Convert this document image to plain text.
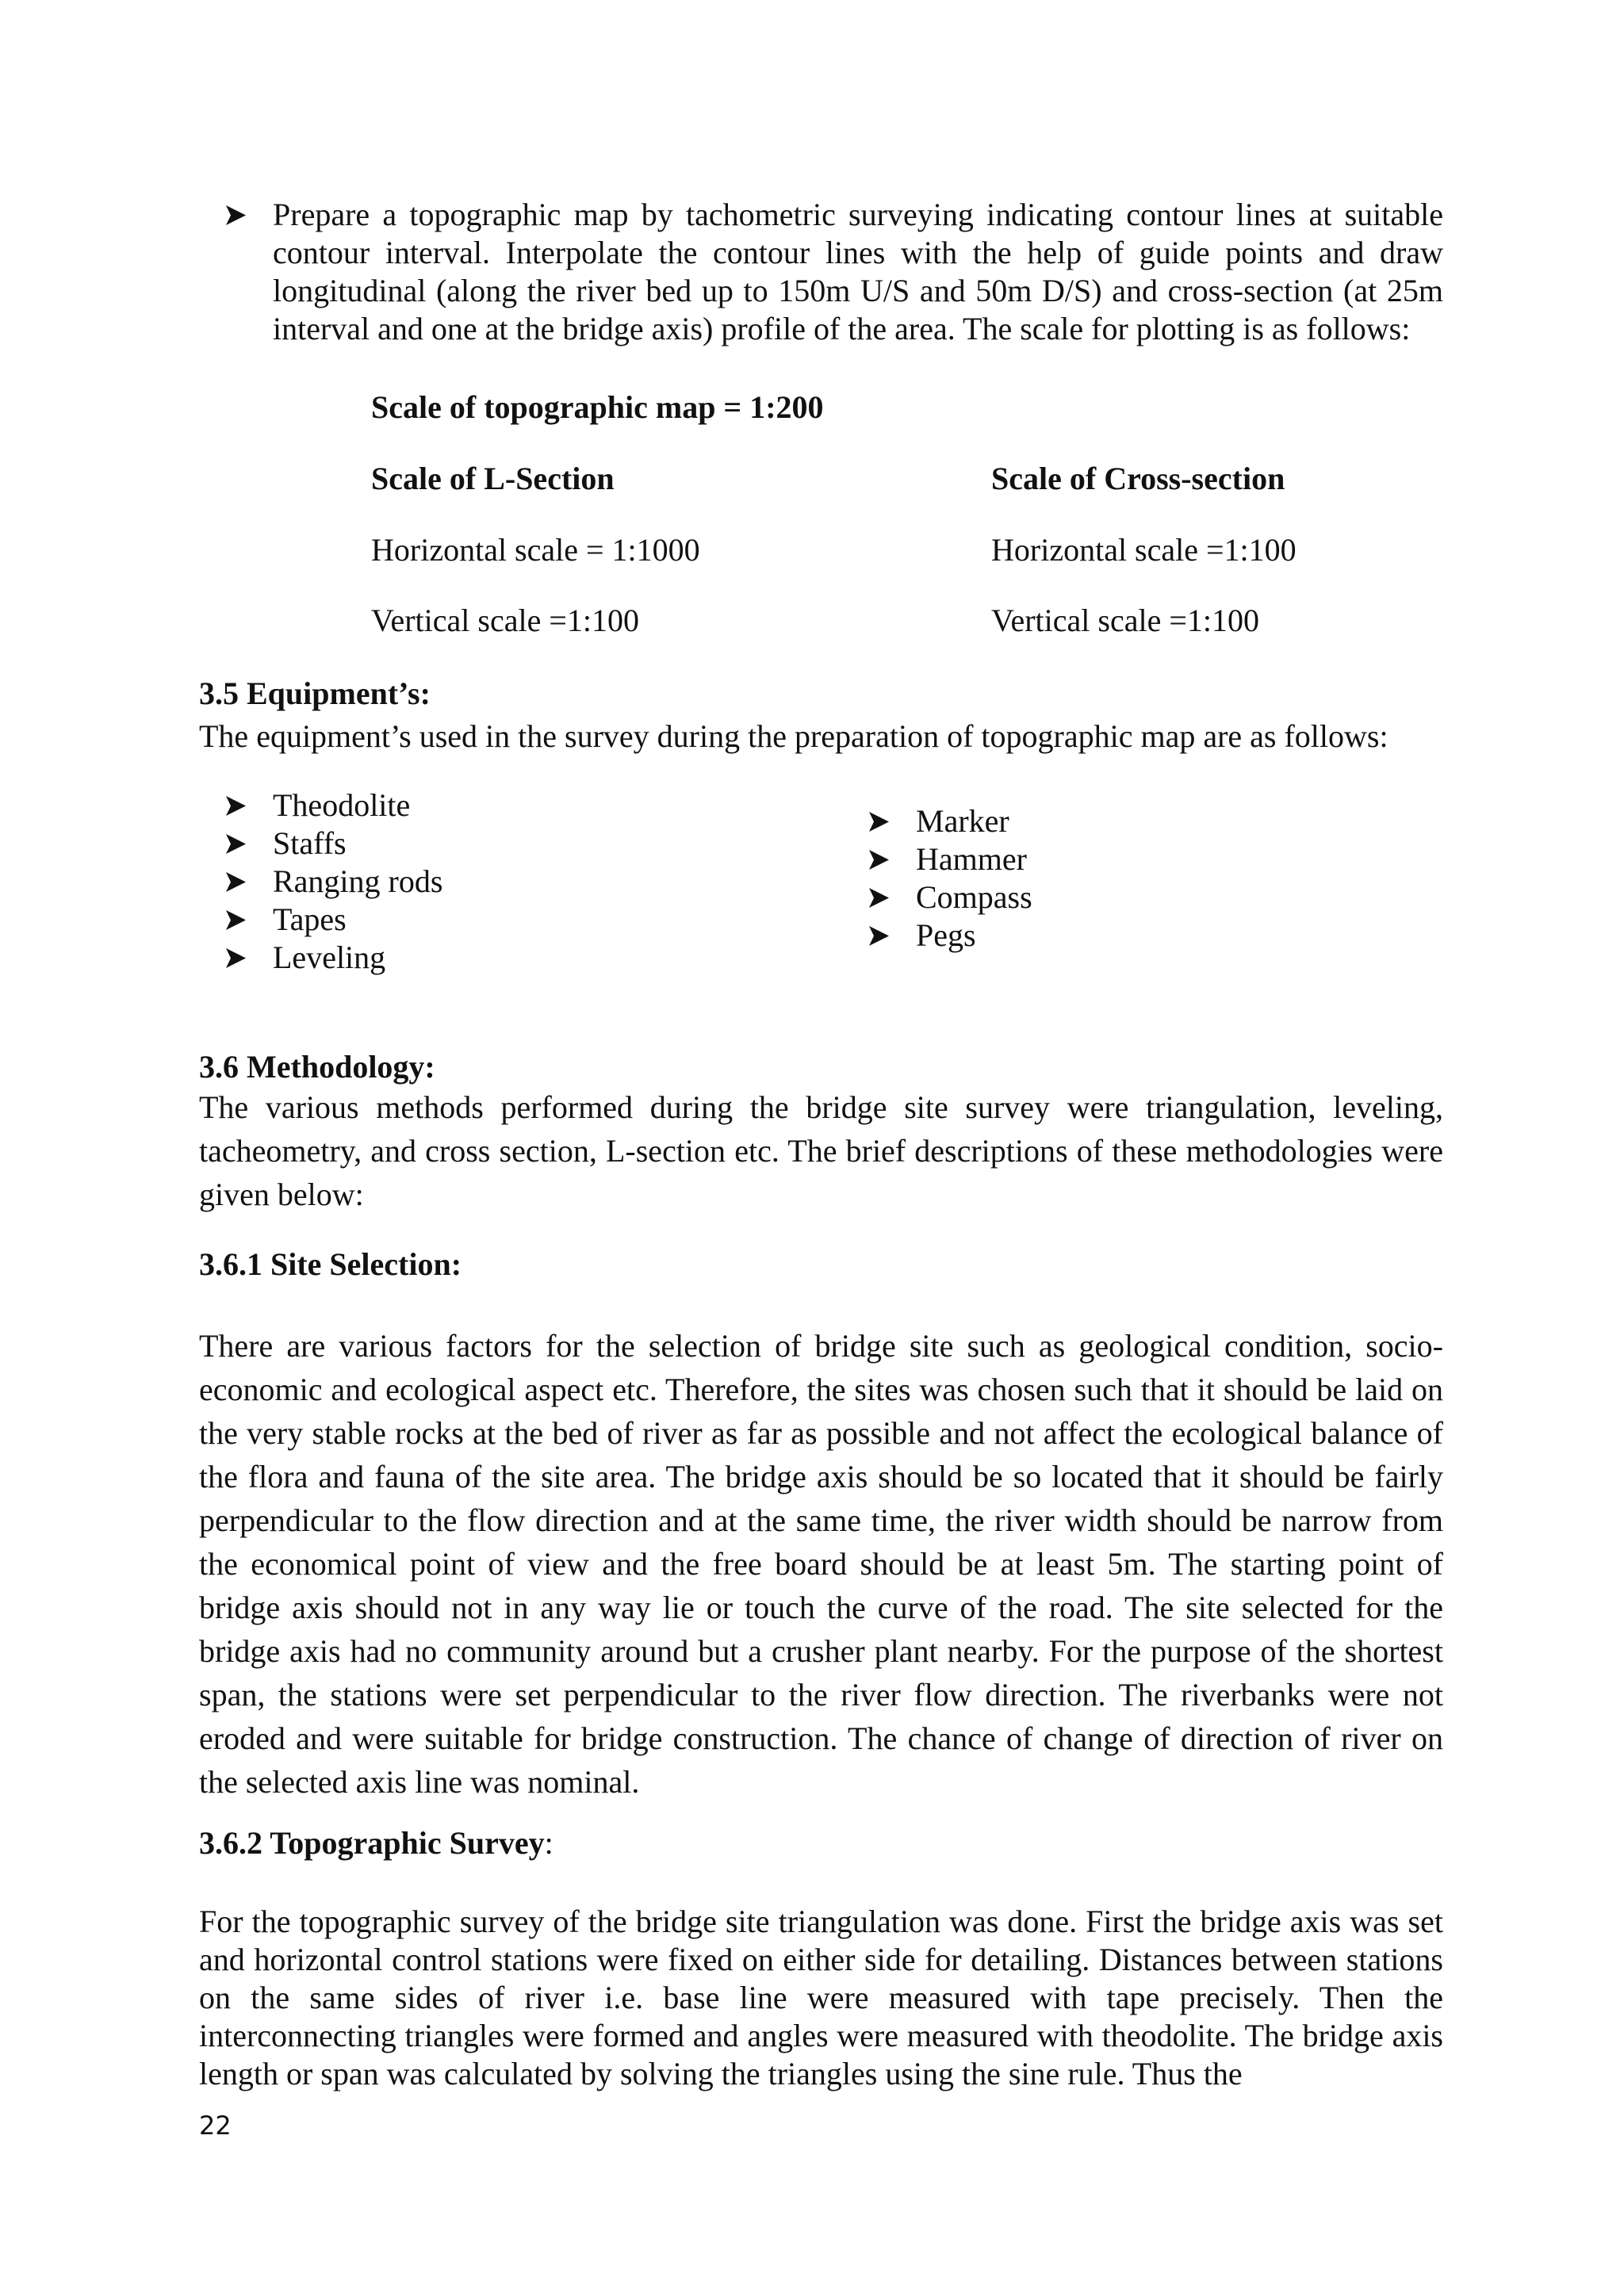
Prepare a topographic map by tachometric surveying indicating contour lines at suitable contour interval. Interpolate the contour lines with the help of guide points and draw longitudinal (along the river bed up to 150m U/S and 50m D/S) and cross-section (at 25m interval and one at the bridge axis) profile of the area. The scale for plotting is as follows:

Scale of topographic map = 1:200
Scale of L-Section
Horizontal scale = 1:1000
Vertical scale =1:100
Scale of Cross-section
Horizontal scale =1:100
Vertical scale =1:100
3.5 Equipment’s:
The equipment’s used in the survey during the preparation of topographic map are as follows:
Theodolite
Staffs
Ranging rods
Tapes
Leveling
Marker
Hammer
Compass
Pegs
3.6 Methodology:

The various methods performed during the bridge site survey were triangulation, leveling, tacheometry, and cross section, L-section etc. The brief descriptions of these methodologies were given below:

3.6.1 Site Selection:

There are various factors for the selection of bridge site such as geological condition, socio-economic and ecological aspect etc. Therefore, the sites was chosen such that it should be laid on the very stable rocks at the bed of river as far as possible and not affect the ecological balance of the flora and fauna of the site area. The bridge axis should be so located that it should be fairly perpendicular to the flow direction and at the same time, the river width should be narrow from the economical point of view and the free board should be at least 5m. The starting point of bridge axis should not in any way lie or touch the curve of the road. The site selected for the bridge axis had no community around but a crusher plant nearby. For the purpose of the shortest span, the stations were set perpendicular to the river flow direction. The riverbanks were not eroded and were suitable for bridge construction. The chance of change of direction of river on the selected axis line was nominal.

3.6.2 Topographic Survey:

For the topographic survey of the bridge site triangulation was done. First the bridge axis was set and horizontal control stations were fixed on either side for detailing. Distances between stations on the same sides of river i.e. base line were measured with tape precisely. Then the interconnecting triangles were formed and angles were measured with theodolite. The bridge axis length or span was calculated by solving the triangles using the sine rule. Thus the

22
